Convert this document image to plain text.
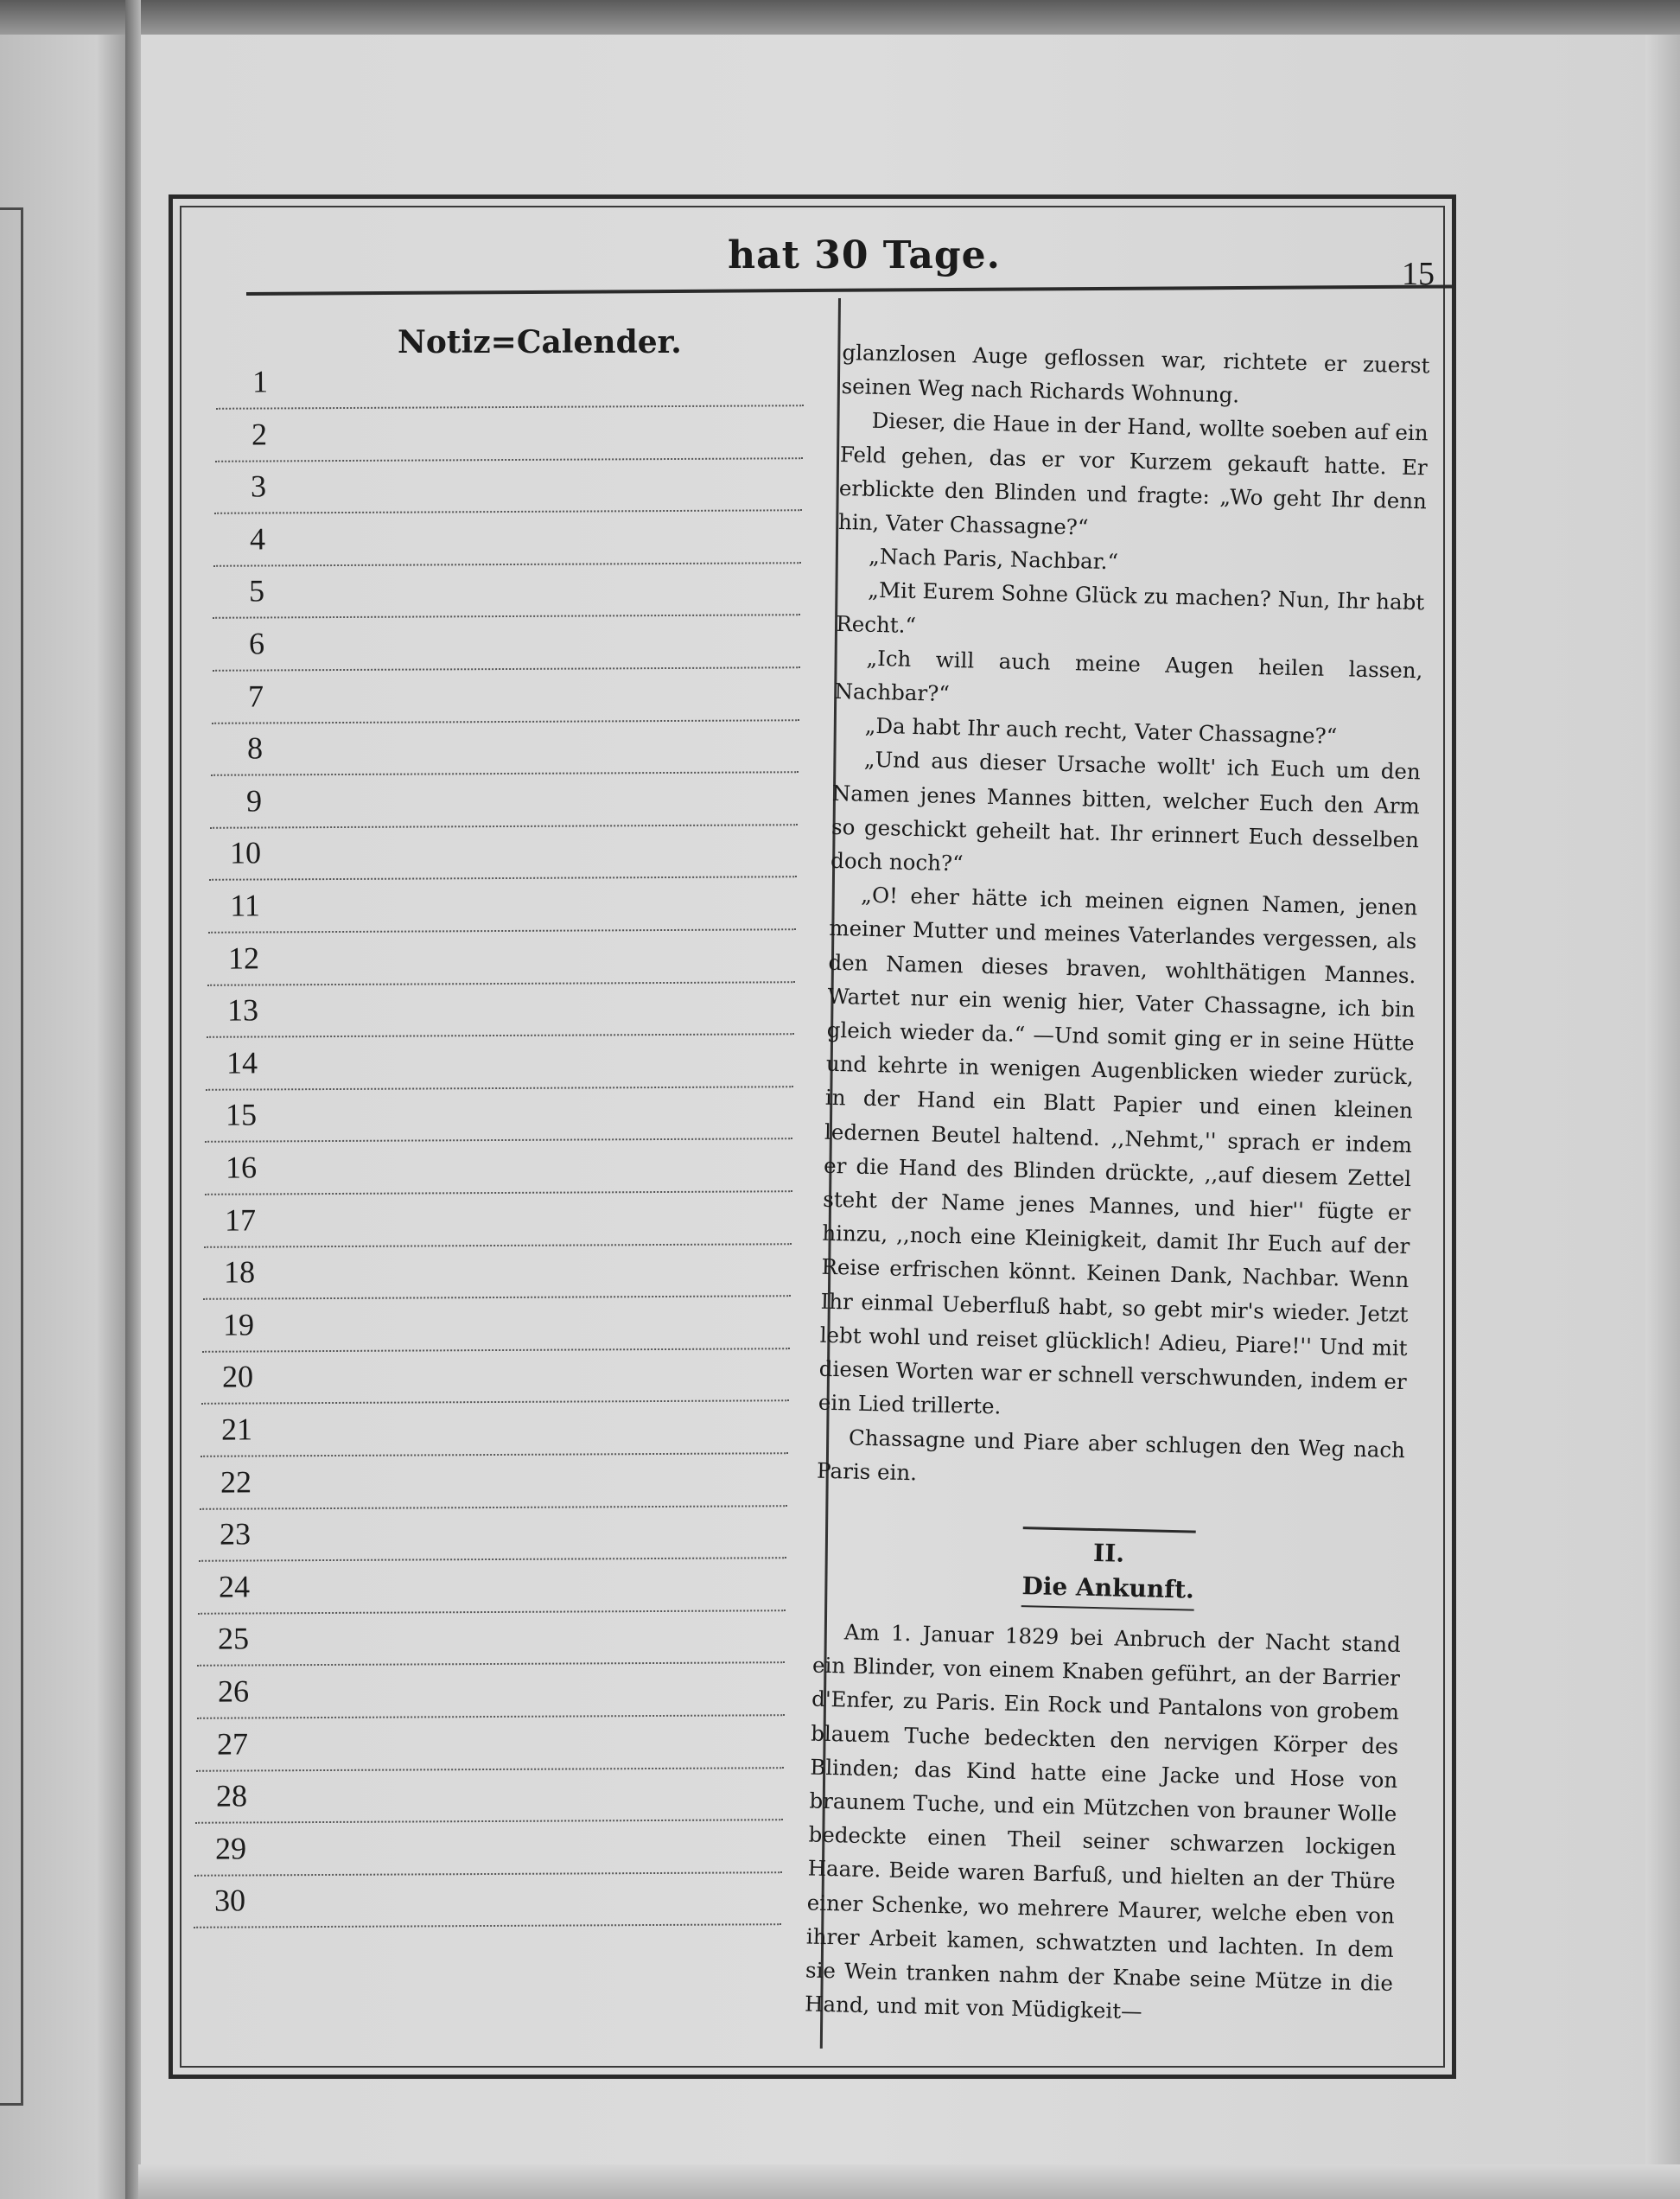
hat 30 Tage.	15
Notiz=Calender.
1
2
3
4
5
6
7
8
9
10
11
12
13
14
15
16
17
18
19
20
21
22
23
24
25
26
27
28
29
30

glanzlosen Auge geflossen war, richtete er zuerst seinen Weg nach Richards Wohnung.

Dieser, die Haue in der Hand, wollte soeben auf ein Feld gehen, das er vor Kurzem gekauft hatte. Er erblickte den Blinden und fragte: „Wo geht Ihr denn hin, Vater Chassagne?“

„Nach Paris, Nachbar.“

„Mit Eurem Sohne Glück zu machen? Nun, Ihr habt Recht.“

„Ich will auch meine Augen heilen lassen, Nachbar?“

„Da habt Ihr auch recht, Vater Chassagne?“

„Und aus dieser Ursache wollt' ich Euch um den Namen jenes Mannes bitten, welcher Euch den Arm so geschickt geheilt hat. Ihr erinnert Euch desselben doch noch?“

„O! eher hätte ich meinen eignen Namen, jenen meiner Mutter und meines Vaterlandes vergessen, als den Namen dieses braven, wohlthätigen Mannes. Wartet nur ein wenig hier, Vater Chassagne, ich bin gleich wieder da.“ —Und somit ging er in seine Hütte und kehrte in wenigen Augenblicken wieder zurück, in der Hand ein Blatt Papier und einen kleinen ledernen Beutel haltend. ,,Nehmt,'' sprach er indem er die Hand des Blinden drückte, ,,auf diesem Zettel steht der Name jenes Mannes, und hier'' fügte er hinzu, ,,noch eine Kleinigkeit, damit Ihr Euch auf der Reise erfrischen könnt. Keinen Dank, Nachbar. Wenn Ihr einmal Ueberfluß habt, so gebt mir's wieder. Jetzt lebt wohl und reiset glücklich! Adieu, Piare!'' Und mit diesen Worten war er schnell verschwunden, indem er ein Lied trillerte.

Chassagne und Piare aber schlugen den Weg nach Paris ein.

II.
Die Ankunft.

Am 1. Januar 1829 bei Anbruch der Nacht stand ein Blinder, von einem Knaben geführt, an der Barrier d'Enfer, zu Paris. Ein Rock und Pantalons von grobem blauem Tuche bedeckten den nervigen Körper des Blinden; das Kind hatte eine Jacke und Hose von braunem Tuche, und ein Mützchen von brauner Wolle bedeckte einen Theil seiner schwarzen lockigen Haare. Beide waren Barfuß, und hielten an der Thüre einer Schenke, wo mehrere Maurer, welche eben von ihrer Arbeit kamen, schwatzten und lachten. In dem sie Wein tranken nahm der Knabe seine Mütze in die Hand, und mit von Müdigkeit—
